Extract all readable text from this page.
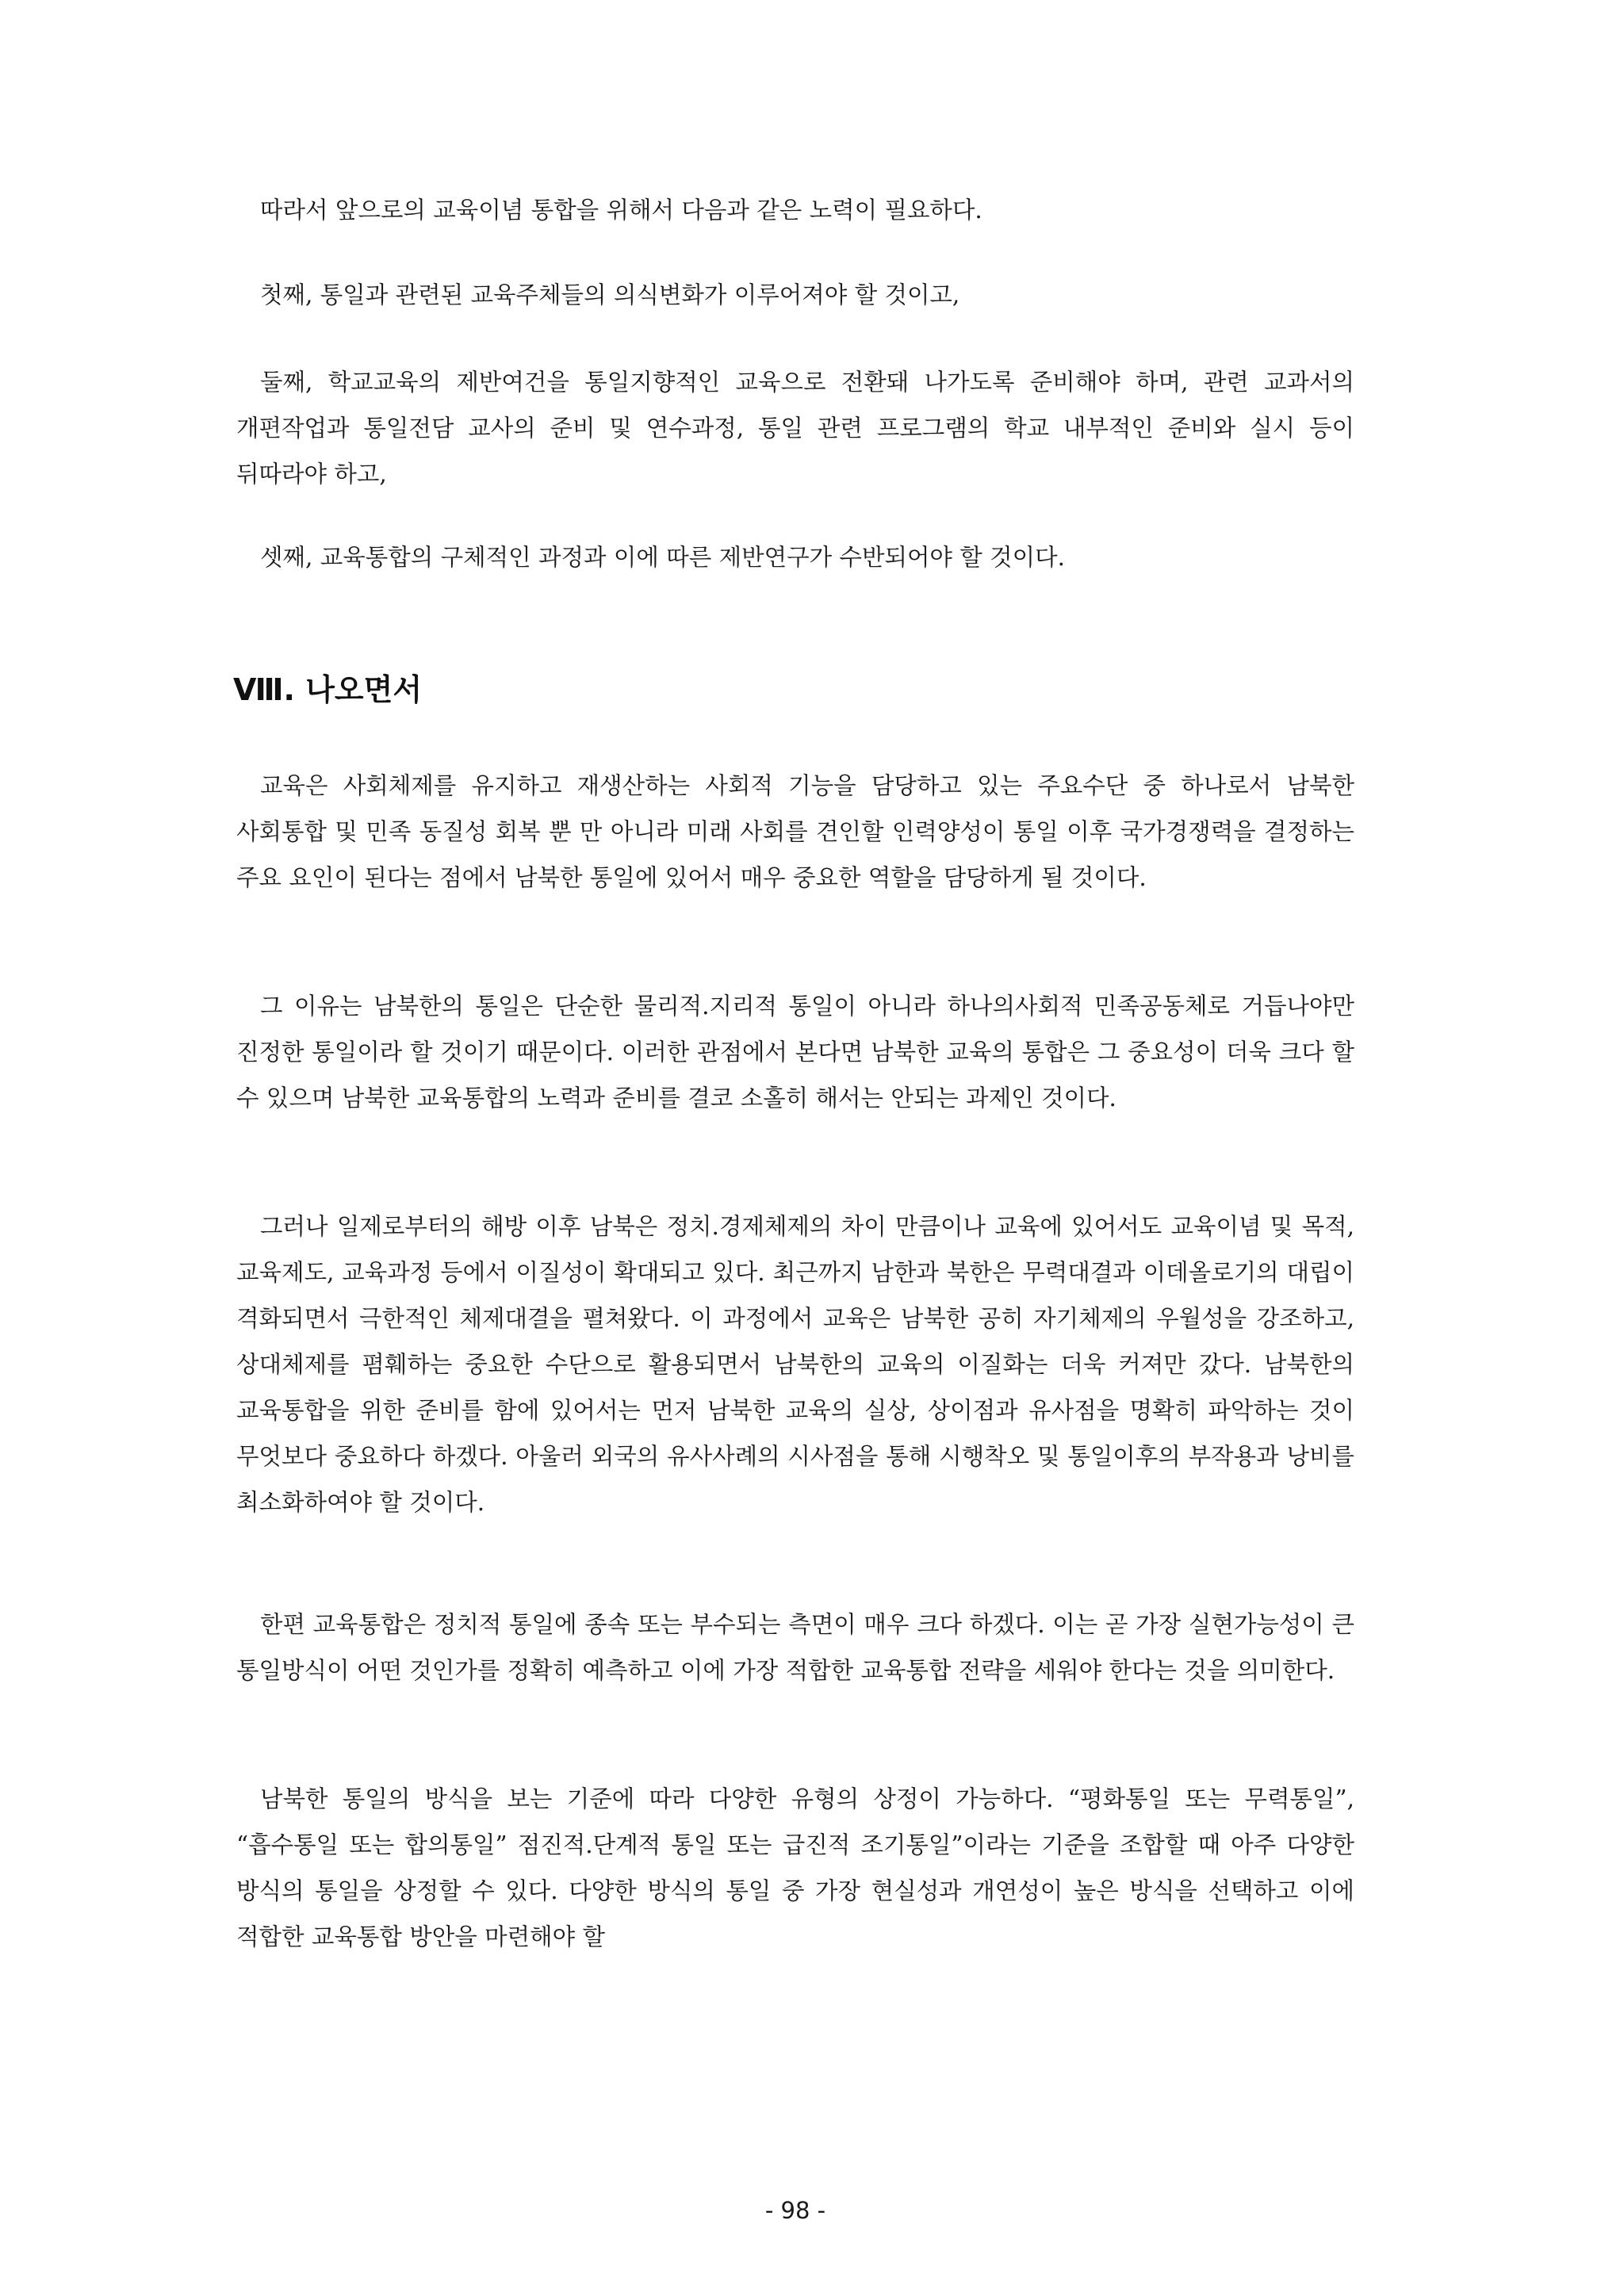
따라서 앞으로의 교육이념 통합을 위해서 다음과 같은 노력이 필요하다.

첫째, 통일과 관련된 교육주체들의 의식변화가 이루어져야 할 것이고,

둘째, 학교교육의 제반여건을 통일지향적인 교육으로 전환돼 나가도록 준비해야 하며, 관련 교과서의 개편작업과 통일전담 교사의 준비 및 연수과정, 통일 관련 프로그램의 학교 내부적인 준비와 실시 등이 뒤따라야 하고,

셋째, 교육통합의 구체적인 과정과 이에 따른 제반연구가 수반되어야 할 것이다.

Ⅷ. 나오면서

교육은 사회체제를 유지하고 재생산하는 사회적 기능을 담당하고 있는 주요수단 중 하나로서 남북한 사회통합 및 민족 동질성 회복 뿐 만 아니라 미래 사회를 견인할 인력양성이 통일 이후 국가경쟁력을 결정하는 주요 요인이 된다는 점에서 남북한 통일에 있어서 매우 중요한 역할을 담당하게 될 것이다.

그 이유는 남북한의 통일은 단순한 물리적.지리적 통일이 아니라 하나의사회적 민족공동체로 거듭나야만 진정한 통일이라 할 것이기 때문이다. 이러한 관점에서 본다면 남북한 교육의 통합은 그 중요성이 더욱 크다 할 수 있으며 남북한 교육통합의 노력과 준비를 결코 소홀히 해서는 안되는 과제인 것이다.

그러나 일제로부터의 해방 이후 남북은 정치.경제체제의 차이 만큼이나 교육에 있어서도 교육이념 및 목적, 교육제도, 교육과정 등에서 이질성이 확대되고 있다. 최근까지 남한과 북한은 무력대결과 이데올로기의 대립이 격화되면서 극한적인 체제대결을 펼쳐왔다. 이 과정에서 교육은 남북한 공히 자기체제의 우월성을 강조하고, 상대체제를 폄훼하는 중요한 수단으로 활용되면서 남북한의 교육의 이질화는 더욱 커져만 갔다. 남북한의 교육통합을 위한 준비를 함에 있어서는 먼저 남북한 교육의 실상, 상이점과 유사점을 명확히 파악하는 것이 무엇보다 중요하다 하겠다. 아울러 외국의 유사사례의 시사점을 통해 시행착오 및 통일이후의 부작용과 낭비를 최소화하여야 할 것이다.

한편 교육통합은 정치적 통일에 종속 또는 부수되는 측면이 매우 크다 하겠다. 이는 곧 가장 실현가능성이 큰 통일방식이 어떤 것인가를 정확히 예측하고 이에 가장 적합한 교육통합 전략을 세워야 한다는 것을 의미한다.

남북한 통일의 방식을 보는 기준에 따라 다양한 유형의 상정이 가능하다. “평화통일 또는 무력통일”, “흡수통일 또는 합의통일” 점진적.단계적 통일 또는 급진적 조기통일”이라는 기준을 조합할 때 아주 다양한 방식의 통일을 상정할 수 있다. 다양한 방식의 통일 중 가장 현실성과 개연성이 높은 방식을 선택하고 이에 적합한 교육통합 방안을 마련해야 할

- 98 -
